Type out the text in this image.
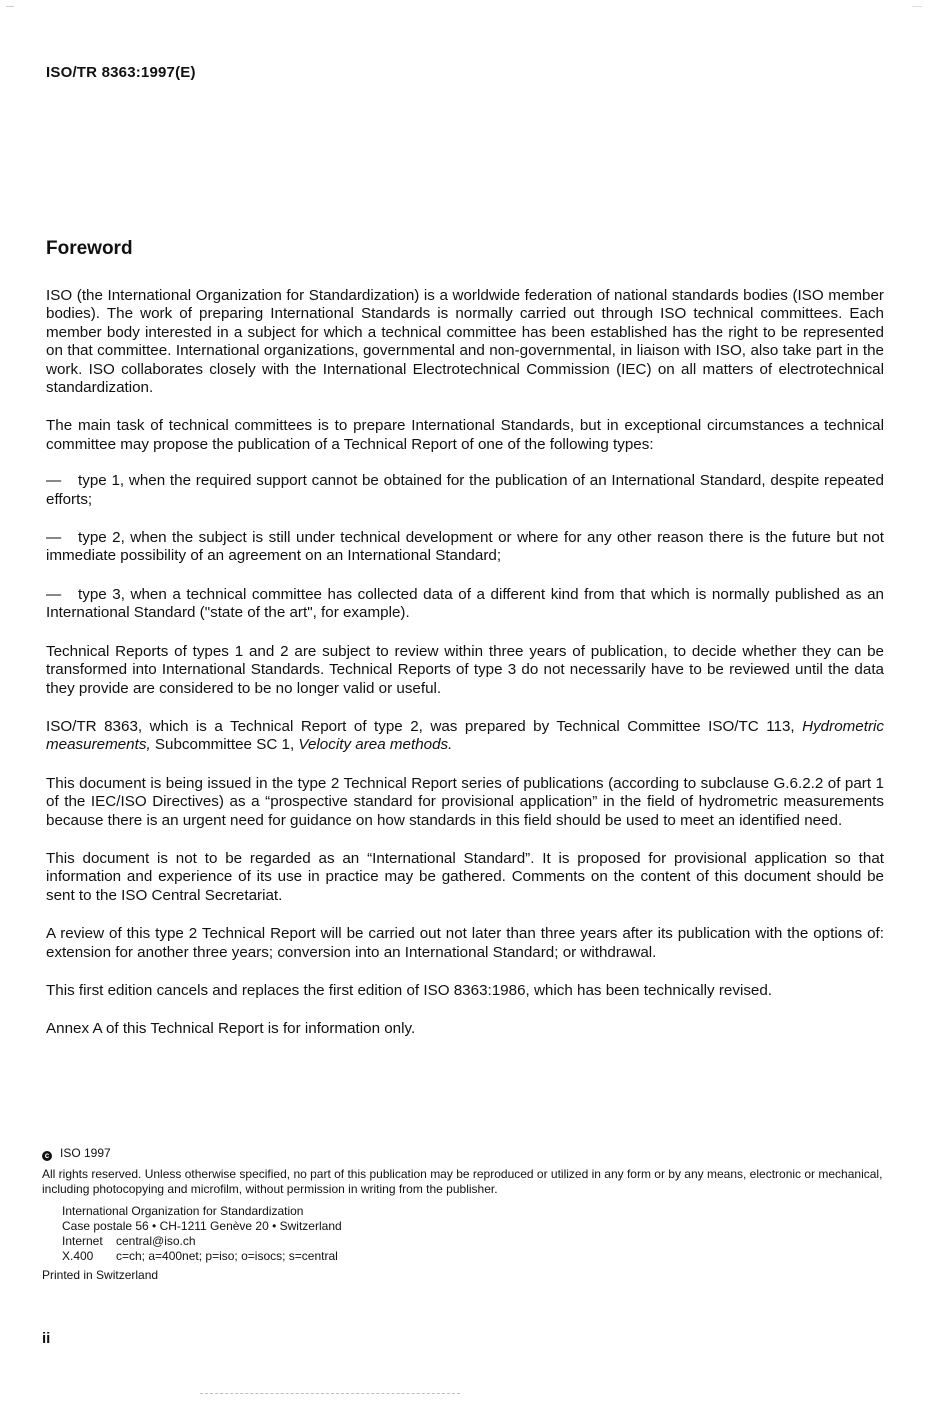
ISO/TR 8363:1997(E)
Foreword

ISO (the International Organization for Standardization) is a worldwide federation of national standards bodies (ISO member bodies). The work of preparing International Standards is normally carried out through ISO technical committees. Each member body interested in a subject for which a technical committee has been established has the right to be represented on that committee. International organizations, governmental and non-governmental, in liaison with ISO, also take part in the work. ISO collaborates closely with the International Electrotechnical Commission (IEC) on all matters of electrotechnical standardization.

The main task of technical committees is to prepare International Standards, but in exceptional circumstances a technical committee may propose the publication of a Technical Report of one of the following types:

— type 1, when the required support cannot be obtained for the publication of an International Standard, despite repeated efforts;

— type 2, when the subject is still under technical development or where for any other reason there is the future but not immediate possibility of an agreement on an International Standard;

— type 3, when a technical committee has collected data of a different kind from that which is normally published as an International Standard ("state of the art", for example).

Technical Reports of types 1 and 2 are subject to review within three years of publication, to decide whether they can be transformed into International Standards. Technical Reports of type 3 do not necessarily have to be reviewed until the data they provide are considered to be no longer valid or useful.

ISO/TR 8363, which is a Technical Report of type 2, was prepared by Technical Committee ISO/TC 113, Hydrometric measurements, Subcommittee SC 1, Velocity area methods.

This document is being issued in the type 2 Technical Report series of publications (according to subclause G.6.2.2 of part 1 of the IEC/ISO Directives) as a “prospective standard for provisional application” in the field of hydrometric measurements because there is an urgent need for guidance on how standards in this field should be used to meet an identified need.

This document is not to be regarded as an “International Standard”. It is proposed for provisional application so that information and experience of its use in practice may be gathered. Comments on the content of this document should be sent to the ISO Central Secretariat.

A review of this type 2 Technical Report will be carried out not later than three years after its publication with the options of: extension for another three years; conversion into an International Standard; or withdrawal.

This first edition cancels and replaces the first edition of ISO 8363:1986, which has been technically revised.

Annex A of this Technical Report is for information only.

c ISO 1997
All rights reserved. Unless otherwise specified, no part of this publication may be reproduced or utilized in any form or by any means, electronic or mechanical, including photocopying and microfilm, without permission in writing from the publisher.
International Organization for Standardization
Case postale 56 • CH-1211 Genève 20 • Switzerland
Internet central@iso.ch
X.400 c=ch; a=400net; p=iso; o=isocs; s=central
Printed in Switzerland
ii
